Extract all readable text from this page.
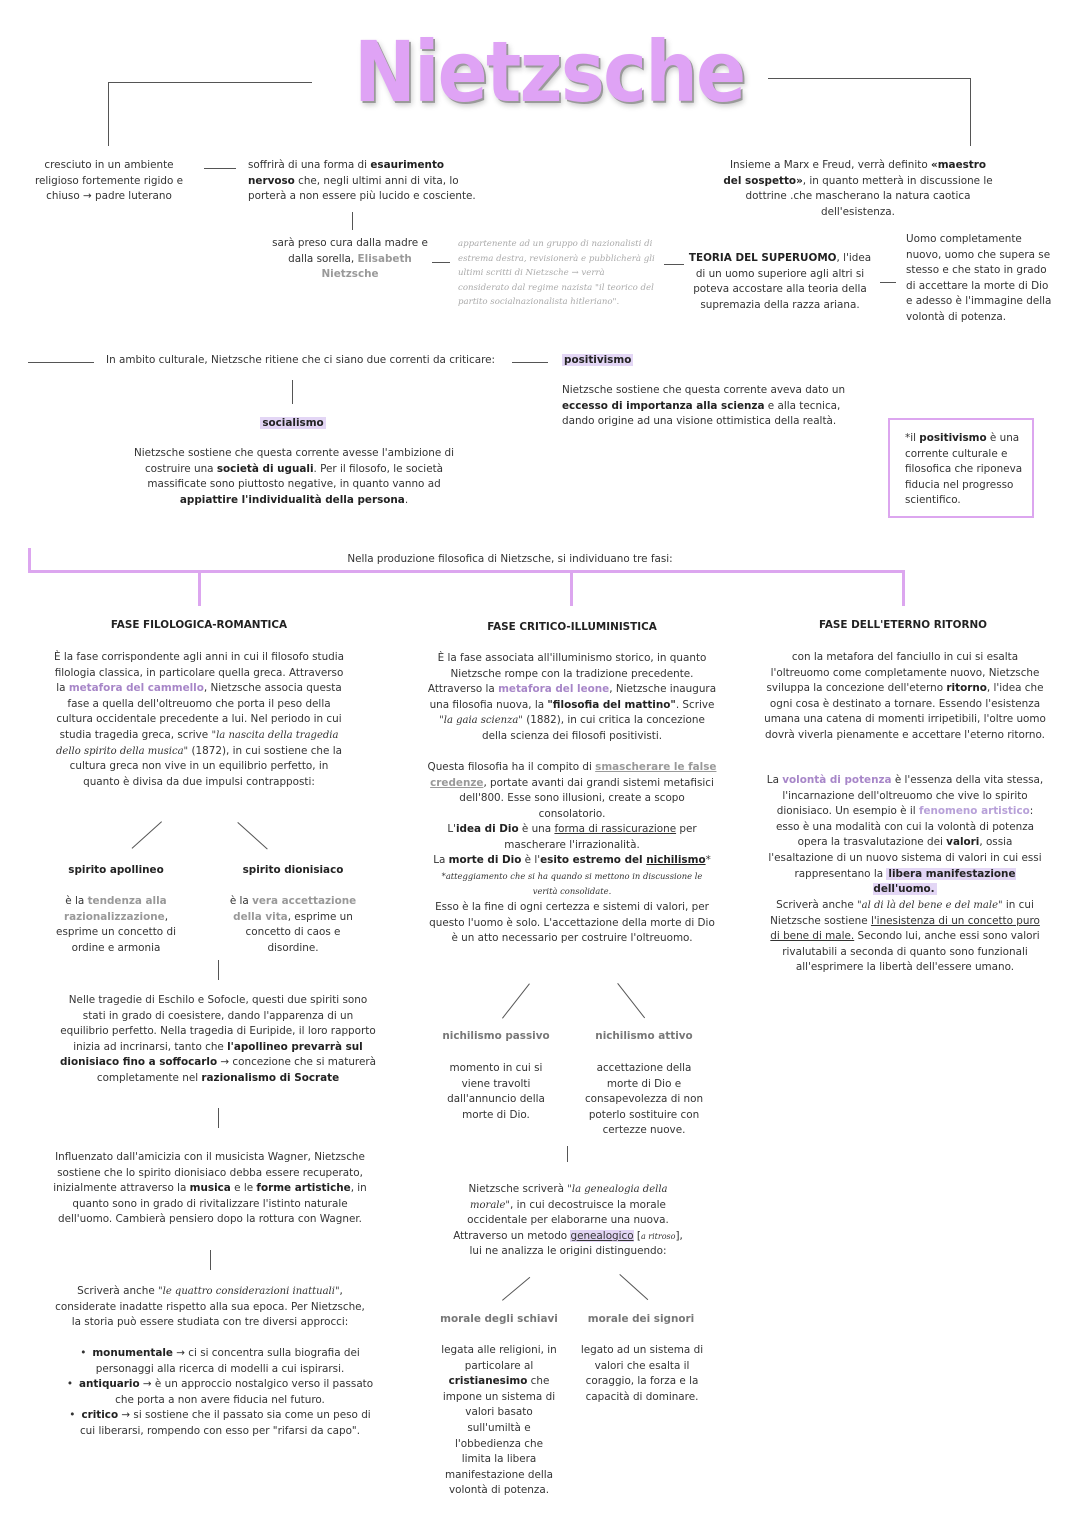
Nietzsche
cresciuto in un ambiente religioso fortemente rigido e chiuso → padre luterano
soffrirà di una forma di esaurimento nervoso che, negli ultimi anni di vita, lo porterà a non essere più lucido e cosciente.
sarà preso cura dalla madre e dalla sorella, Elisabeth Nietzsche
appartenente ad un gruppo di nazionalisti di estrema destra, revisionerà e pubblicherà gli ultimi scritti di Nietzsche → verrà considerato dal regime nazista "il teorico del partito socialnazionalista hitleriano".
Insieme a Marx e Freud, verrà definito «maestro del sospetto», in quanto metterà in discussione le dottrine .che mascherano la natura caotica dell'esistenza.
TEORIA DEL SUPERUOMO, l'idea di un uomo superiore agli altri si poteva accostare alla teoria della supremazia della razza ariana.
Uomo completamente nuovo, uomo che supera se stesso e che stato in grado di accettare la morte di Dio e adesso è l'immagine della volontà di potenza.
In ambito culturale, Nietzsche ritiene che ci siano due correnti da criticare:	positivismo
Nietzsche sostiene che questa corrente aveva dato un eccesso di importanza alla scienza e alla tecnica, dando origine ad una visione ottimistica della realtà.
*il positivismo è una corrente culturale e filosofica che riponeva fiducia nel progresso scientifico.
socialismo
Nietzsche sostiene che questa corrente avesse l'ambizione di costruire una società di uguali. Per il filosofo, le società massificate sono piuttosto negative, in quanto vanno ad appiattire l'individualità della persona.
Nella produzione filosofica di Nietzsche, si individuano tre fasi:
FASE FILOLOGICA-ROMANTICA
È la fase corrispondente agli anni in cui il filosofo studia filologia classica, in particolare quella greca. Attraverso la metafora del cammello, Nietzsche associa questa fase a quella dell'oltreuomo che porta il peso della cultura occidentale precedente a lui. Nel periodo in cui studia tragedia greca, scrive "la nascita della tragedia dello spirito della musica" (1872), in cui sostiene che la cultura greca non vive in un equilibrio perfetto, in quanto è divisa da due impulsi contrapposti:
spirito apollineo
è la tendenza alla razionalizzazione, esprime un concetto di ordine e armonia
spirito dionisiaco
è la vera accettazione della vita, esprime un concetto di caos e disordine.
Nelle tragedie di Eschilo e Sofocle, questi due spiriti sono stati in grado di coesistere, dando l'apparenza di un equilibrio perfetto. Nella tragedia di Euripide, il loro rapporto inizia ad incrinarsi, tanto che l'apollineo prevarrà sul dionisiaco fino a soffocarlo → concezione che si maturerà completamente nel razionalismo di Socrate
Influenzato dall'amicizia con il musicista Wagner, Nietzsche sostiene che lo spirito dionisiaco debba essere recuperato, inizialmente attraverso la musica e le forme artistiche, in quanto sono in grado di rivitalizzare l'istinto naturale dell'uomo. Cambierà pensiero dopo la rottura con Wagner.
Scriverà anche "le quattro considerazioni inattuali", considerate inadatte rispetto alla sua epoca. Per Nietzsche, la storia può essere studiata con tre diversi approcci:
• monumentale → ci si concentra sulla biografia dei personaggi alla ricerca di modelli a cui ispirarsi.
• antiquario → è un approccio nostalgico verso il passato che porta a non avere fiducia nel futuro.
• critico → si sostiene che il passato sia come un peso di cui liberarsi, rompendo con esso per "rifarsi da capo".
FASE CRITICO-ILLUMINISTICA
È la fase associata all'illuminismo storico, in quanto Nietzsche rompe con la tradizione precedente. Attraverso la metafora del leone, Nietzsche inaugura una filosofia nuova, la "filosofia del mattino". Scrive "la gaia scienza" (1882), in cui critica la concezione della scienza dei filosofi positivisti.
Questa filosofia ha il compito di smascherare le false credenze, portate avanti dai grandi sistemi metafisici dell'800. Esse sono illusioni, create a scopo consolatorio.
L'idea di Dio è una forma di rassicurazione per mascherare l'irrazionalità.
La morte di Dio è l'esito estremo del nichilismo*
*atteggiamento che si ha quando si mettono in discussione le verità consolidate.
Esso è la fine di ogni certezza e sistemi di valori, per questo l'uomo è solo. L'accettazione della morte di Dio è un atto necessario per costruire l'oltreuomo.
nichilismo passivo
momento in cui si viene travolti dall'annuncio della morte di Dio.
nichilismo attivo
accettazione della morte di Dio e consapevolezza di non poterlo sostituire con certezze nuove.
Nietzsche scriverà "la genealogia della morale", in cui decostruisce la morale occidentale per elaborarne una nuova. Attraverso un metodo genealogico [a ritroso], lui ne analizza le origini distinguendo:
morale degli schiavi
legata alle religioni, in particolare al cristianesimo che impone un sistema di valori basato sull'umiltà e l'obbedienza che limita la libera manifestazione della volontà di potenza.
morale dei signori
legato ad un sistema di valori che esalta il coraggio, la forza e la capacità di dominare.
FASE DELL'ETERNO RITORNO
con la metafora del fanciullo in cui si esalta l'oltreuomo come completamente nuovo, Nietzsche sviluppa la concezione dell'eterno ritorno, l'idea che ogni cosa è destinato a tornare. Essendo l'esistenza umana una catena di momenti irripetibili, l'oltre uomo dovrà viverla pienamente e accettare l'eterno ritorno.
La volontà di potenza è l'essenza della vita stessa, l'incarnazione dell'oltreuomo che vive lo spirito dionisiaco. Un esempio è il fenomeno artistico: esso è una modalità con cui la volontà di potenza opera la trasvalutazione dei valori, ossia l'esaltazione di un nuovo sistema di valori in cui essi rappresentano la libera manifestazione dell'uomo.
Scriverà anche "al di là del bene e del male" in cui Nietzsche sostiene l'inesistenza di un concetto puro di bene di male. Secondo lui, anche essi sono valori rivalutabili a seconda di quanto sono funzionali all'esprimere la libertà dell'essere umano.
